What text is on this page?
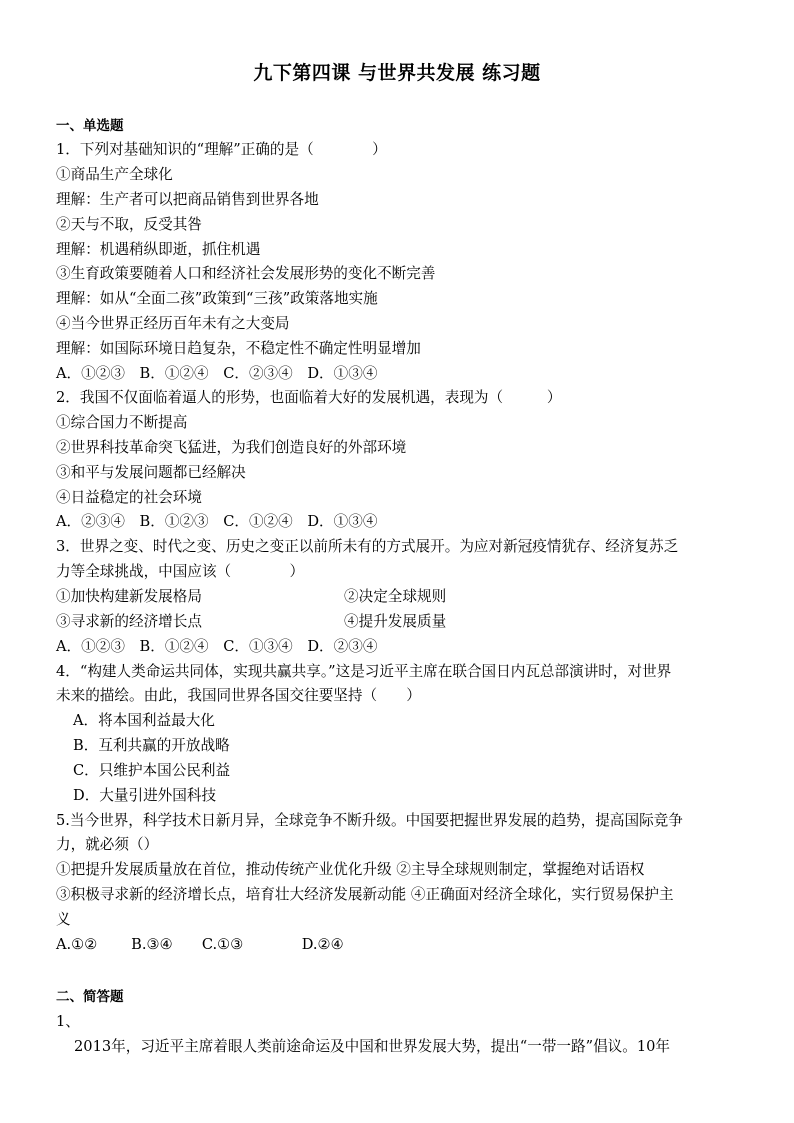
九下第四课 与世界共发展 练习题
一、单选题
1．下列对基础知识的“理解”正确的是（　　　　）
①商品生产全球化
理解：生产者可以把商品销售到世界各地
②天与不取，反受其咎
理解：机遇稍纵即逝，抓住机遇
③生育政策要随着人口和经济社会发展形势的变化不断完善
理解：如从“全面二孩”政策到“三孩”政策落地实施
④当今世界正经历百年未有之大变局
理解：如国际环境日趋复杂，不稳定性不确定性明显增加
A．①②③　B．①②④　C．②③④　D．①③④
2．我国不仅面临着逼人的形势，也面临着大好的发展机遇，表现为（　　　）
①综合国力不断提高
②世界科技革命突飞猛进，为我们创造良好的外部环境
③和平与发展问题都已经解决
④日益稳定的社会环境
A．②③④　B．①②③　C．①②④　D．①③④
3．世界之变、时代之变、历史之变正以前所未有的方式展开。为应对新冠疫情犹存、经济复苏乏
力等全球挑战，中国应该（　　　　）
①加快构建新发展格局	②决定全球规则
③寻求新的经济增长点	④提升发展质量
A．①②③　B．①②④　C．①③④　D．②③④
4．“构建人类命运共同体，实现共赢共享。”这是习近平主席在联合国日内瓦总部演讲时，对世界
未来的描绘。由此，我国同世界各国交往要坚持（　　）
A．将本国利益最大化
B．互利共赢的开放战略
C．只维护本国公民利益
D．大量引进外国科技
5.当今世界，科学技术日新月异，全球竞争不断升级。中国要把握世界发展的趋势，提高国际竞争
力，就必须（）
①把提升发展质量放在首位，推动传统产业优化升级 ②主导全球规则制定，掌握绝对话语权
③积极寻求新的经济增长点，培育壮大经济发展新动能 ④正确面对经济全球化，实行贸易保护主
义
A.①②　　 B.③④　　C.①③　　　　D.②④
二、简答题
1、
2013年，习近平主席着眼人类前途命运及中国和世界发展大势，提出“一带一路”倡议。10年
